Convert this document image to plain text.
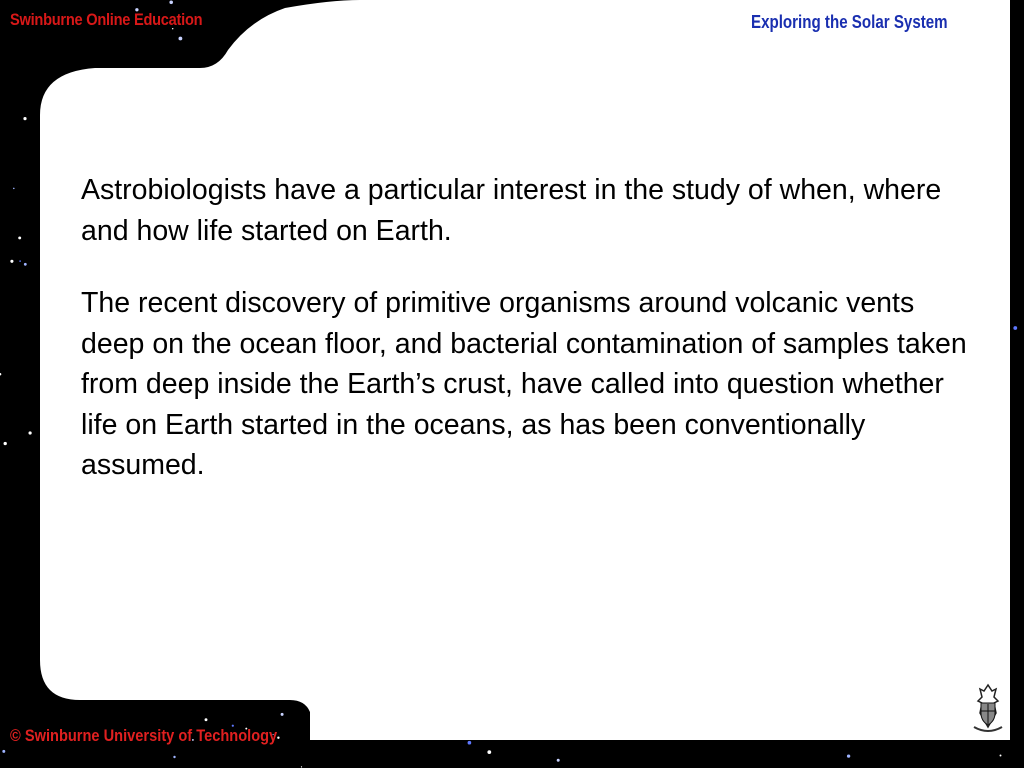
Swinburne Online Education	Exploring the Solar System

Astrobiologists have a particular interest in the study of when, where and how life started on Earth.

The recent discovery of primitive organisms around volcanic vents deep on the ocean floor, and bacterial contamination of samples taken from deep inside the Earth’s crust, have called into question whether life on Earth started in the oceans, as has been conventionally assumed.

© Swinburne University of Technology
